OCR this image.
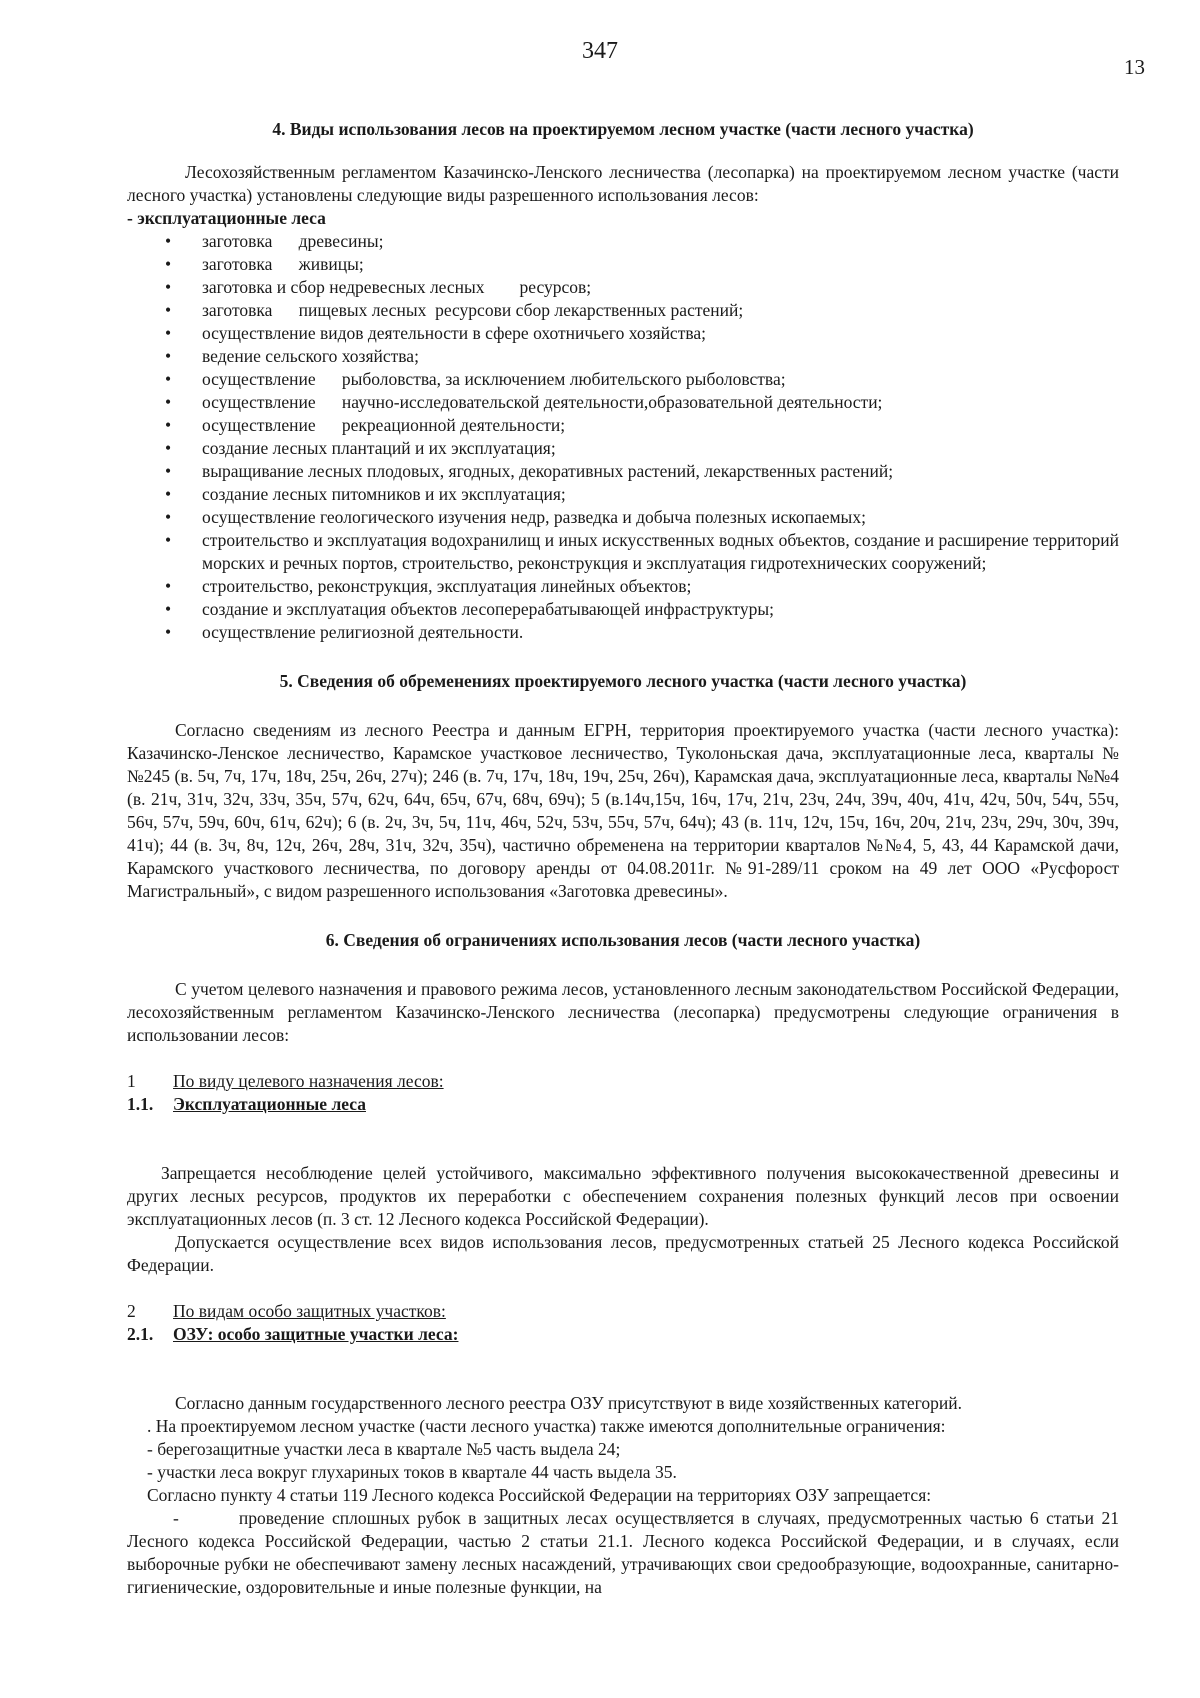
347
13
4. Виды использования лесов на проектируемом лесном участке (части лесного участка)

Лесохозяйственным регламентом Казачинско-Ленского лесничества (лесопарка) на проектируемом лесном участке (части лесного участка) установлены следующие виды разрешенного использования лесов:

- эксплуатационные леса

• заготовка      древесины;
• заготовка      живицы;
• заготовка и сбор недревесных лесных        ресурсов;
• заготовка      пищевых лесных  ресурсови сбор лекарственных растений;
• осуществление видов деятельности в сфере охотничьего хозяйства;
• ведение сельского хозяйства;
• осуществление      рыболовства, за исключением любительского рыболовства;
• осуществление      научно-исследовательской деятельности,образовательной деятельности;
• осуществление      рекреационной деятельности;
• создание лесных плантаций и их эксплуатация;
• выращивание лесных плодовых, ягодных, декоративных растений, лекарственных растений;
• создание лесных питомников и их эксплуатация;
• осуществление геологического изучения недр, разведка и добыча полезных ископаемых;
• строительство и эксплуатация водохранилищ и иных искусственных водных объектов, создание и расширение территорий морских и речных портов, строительство, реконструкция и эксплуатация гидротехнических сооружений;
• строительство, реконструкция, эксплуатация линейных объектов;
• создание и эксплуатация объектов лесоперерабатывающей инфраструктуры;
• осуществление религиозной деятельности.
5. Сведения об обременениях проектируемого лесного участка (части лесного участка)

Согласно сведениям из лесного Реестра и данным ЕГРН, территория проектируемого участка (части лесного участка): Казачинско-Ленское лесничество, Карамское участковое лесничество, Туколоньская дача, эксплуатационные леса, кварталы №№245 (в. 5ч, 7ч, 17ч, 18ч, 25ч, 26ч, 27ч); 246 (в. 7ч, 17ч, 18ч, 19ч, 25ч, 26ч), Карамская дача, эксплуатационные леса, кварталы №№4 (в. 21ч, 31ч, 32ч, 33ч, 35ч, 57ч, 62ч, 64ч, 65ч, 67ч, 68ч, 69ч); 5 (в.14ч,15ч, 16ч, 17ч, 21ч, 23ч, 24ч, 39ч, 40ч, 41ч, 42ч, 50ч, 54ч, 55ч, 56ч, 57ч, 59ч, 60ч, 61ч, 62ч); 6 (в. 2ч, 3ч, 5ч, 11ч, 46ч, 52ч, 53ч, 55ч, 57ч, 64ч); 43 (в. 11ч, 12ч, 15ч, 16ч, 20ч, 21ч, 23ч, 29ч, 30ч, 39ч, 41ч); 44 (в. 3ч, 8ч, 12ч, 26ч, 28ч, 31ч, 32ч, 35ч), частично обременена на территории кварталов №№4, 5, 43, 44 Карамской дачи, Карамского участкового лесничества, по договору аренды от 04.08.2011г. №91-289/11 сроком на 49 лет ООО «Русфорост Магистральный», с видом разрешенного использования «Заготовка древесины».

6. Сведения об ограничениях использования лесов (части лесного участка)

С учетом целевого назначения и правового режима лесов, установленного лесным законодательством Российской Федерации, лесохозяйственным регламентом Казачинско-Ленского лесничества (лесопарка) предусмотрены следующие ограничения в использовании лесов:

1	По виду целевого назначения лесов:
1.1.	Эксплуатационные леса

Запрещается несоблюдение целей устойчивого, максимально эффективного получения высококачественной древесины и других лесных ресурсов, продуктов их переработки с обеспечением сохранения полезных функций лесов при освоении эксплуатационных лесов (п. 3 ст. 12 Лесного кодекса Российской Федерации).

Допускается осуществление всех видов использования лесов, предусмотренных статьей 25 Лесного кодекса Российской Федерации.

2	По видам особо защитных участков:
2.1.	ОЗУ: особо защитные участки леса:

Согласно данным государственного лесного реестра ОЗУ присутствуют в виде хозяйственных категорий.

. На проектируемом лесном участке (части лесного участка) также имеются дополнительные ограничения:

- берегозащитные участки леса в квартале №5 часть выдела 24;

- участки леса вокруг глухариных токов в квартале 44 часть выдела 35.

Согласно пункту 4 статьи 119 Лесного кодекса Российской Федерации на территориях ОЗУ запрещается:

-	проведение сплошных рубок в защитных лесах осуществляется в случаях, предусмотренных частью 6 статьи 21 Лесного кодекса Российской Федерации, частью 2 статьи 21.1. Лесного кодекса Российской Федерации, и в случаях, если выборочные рубки не обеспечивают замену лесных насаждений, утрачивающих свои средообразующие, водоохранные, санитарно-гигиенические, оздоровительные и иные полезные функции, на
